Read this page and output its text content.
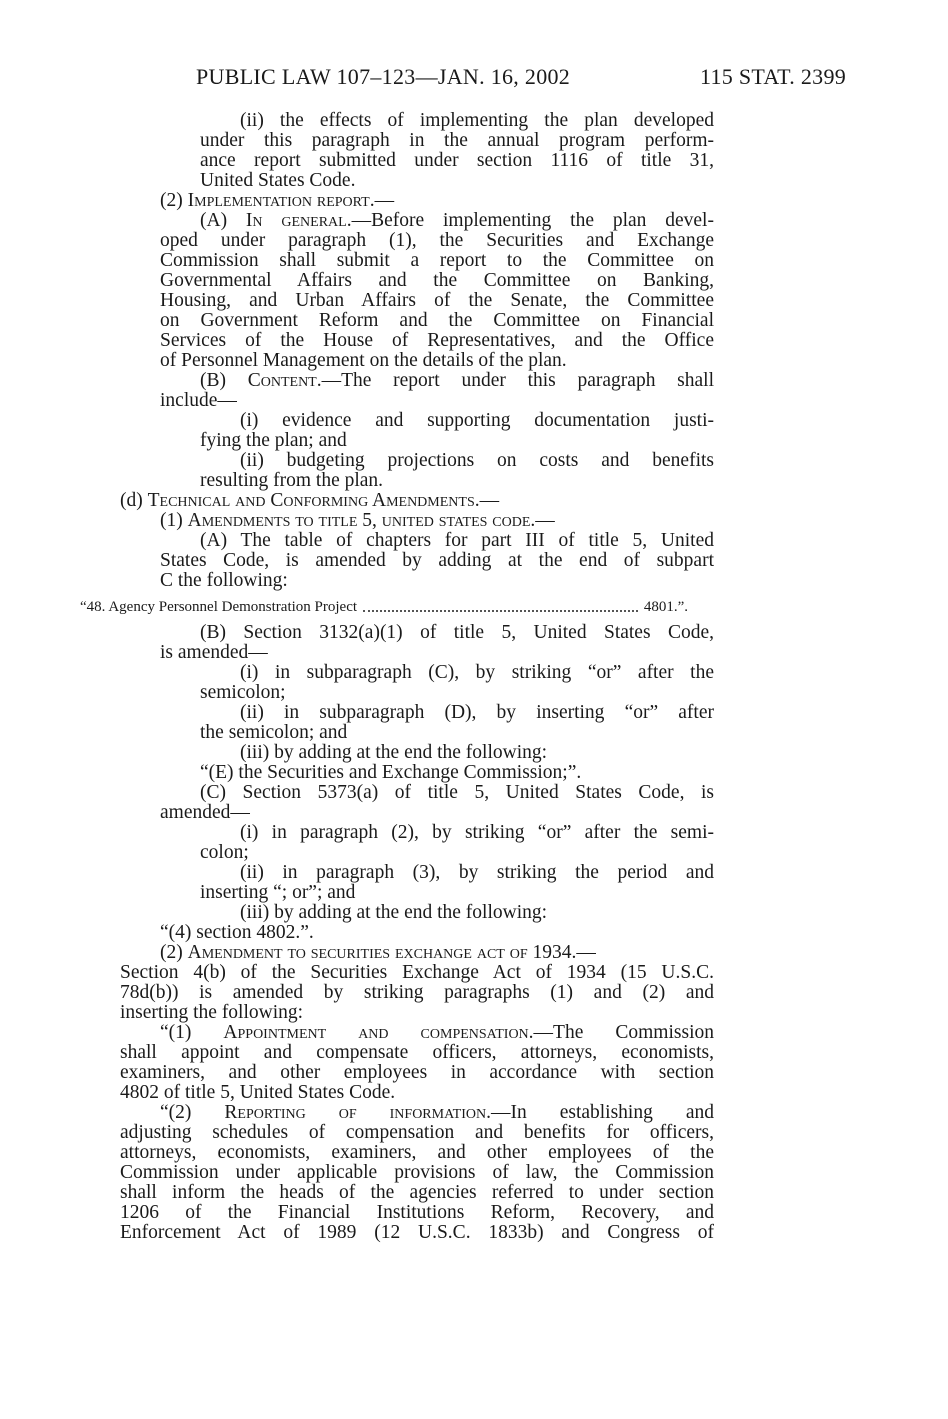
PUBLIC LAW 107–123—JAN. 16, 2002	115 STAT. 2399
(ii) the effects of implementing the plan developed
under this paragraph in the annual program perform-
ance report submitted under section 1116 of title 31,
United States Code.
(2) Implementation report.—
(A) In general.—Before implementing the plan devel-
oped under paragraph (1), the Securities and Exchange
Commission shall submit a report to the Committee on
Governmental Affairs and the Committee on Banking,
Housing, and Urban Affairs of the Senate, the Committee
on Government Reform and the Committee on Financial
Services of the House of Representatives, and the Office
of Personnel Management on the details of the plan.
(B) Content.—The report under this paragraph shall
include—
(i) evidence and supporting documentation justi-
fying the plan; and
(ii) budgeting projections on costs and benefits
resulting from the plan.
(d) Technical and Conforming Amendments.—
(1) Amendments to title 5, united states code.—
(A) The table of chapters for part III of title 5, United
States Code, is amended by adding at the end of subpart
C the following:
“48. Agency Personnel Demonstration Project	4801.”.
(B) Section 3132(a)(1) of title 5, United States Code,
is amended—
(i) in subparagraph (C), by striking “or” after the
semicolon;
(ii) in subparagraph (D), by inserting “or” after
the semicolon; and
(iii) by adding at the end the following:
“(E) the Securities and Exchange Commission;”.
(C) Section 5373(a) of title 5, United States Code, is
amended—
(i) in paragraph (2), by striking “or” after the semi-
colon;
(ii) in paragraph (3), by striking the period and
inserting “; or”; and
(iii) by adding at the end the following:
“(4) section 4802.”.
(2) Amendment to securities exchange act of 1934.—
Section 4(b) of the Securities Exchange Act of 1934 (15 U.S.C.
78d(b)) is amended by striking paragraphs (1) and (2) and
inserting the following:
“(1) Appointment and compensation.—The Commission
shall appoint and compensate officers, attorneys, economists,
examiners, and other employees in accordance with section
4802 of title 5, United States Code.
“(2) Reporting of information.—In establishing and
adjusting schedules of compensation and benefits for officers,
attorneys, economists, examiners, and other employees of the
Commission under applicable provisions of law, the Commission
shall inform the heads of the agencies referred to under section
1206 of the Financial Institutions Reform, Recovery, and
Enforcement Act of 1989 (12 U.S.C. 1833b) and Congress of
